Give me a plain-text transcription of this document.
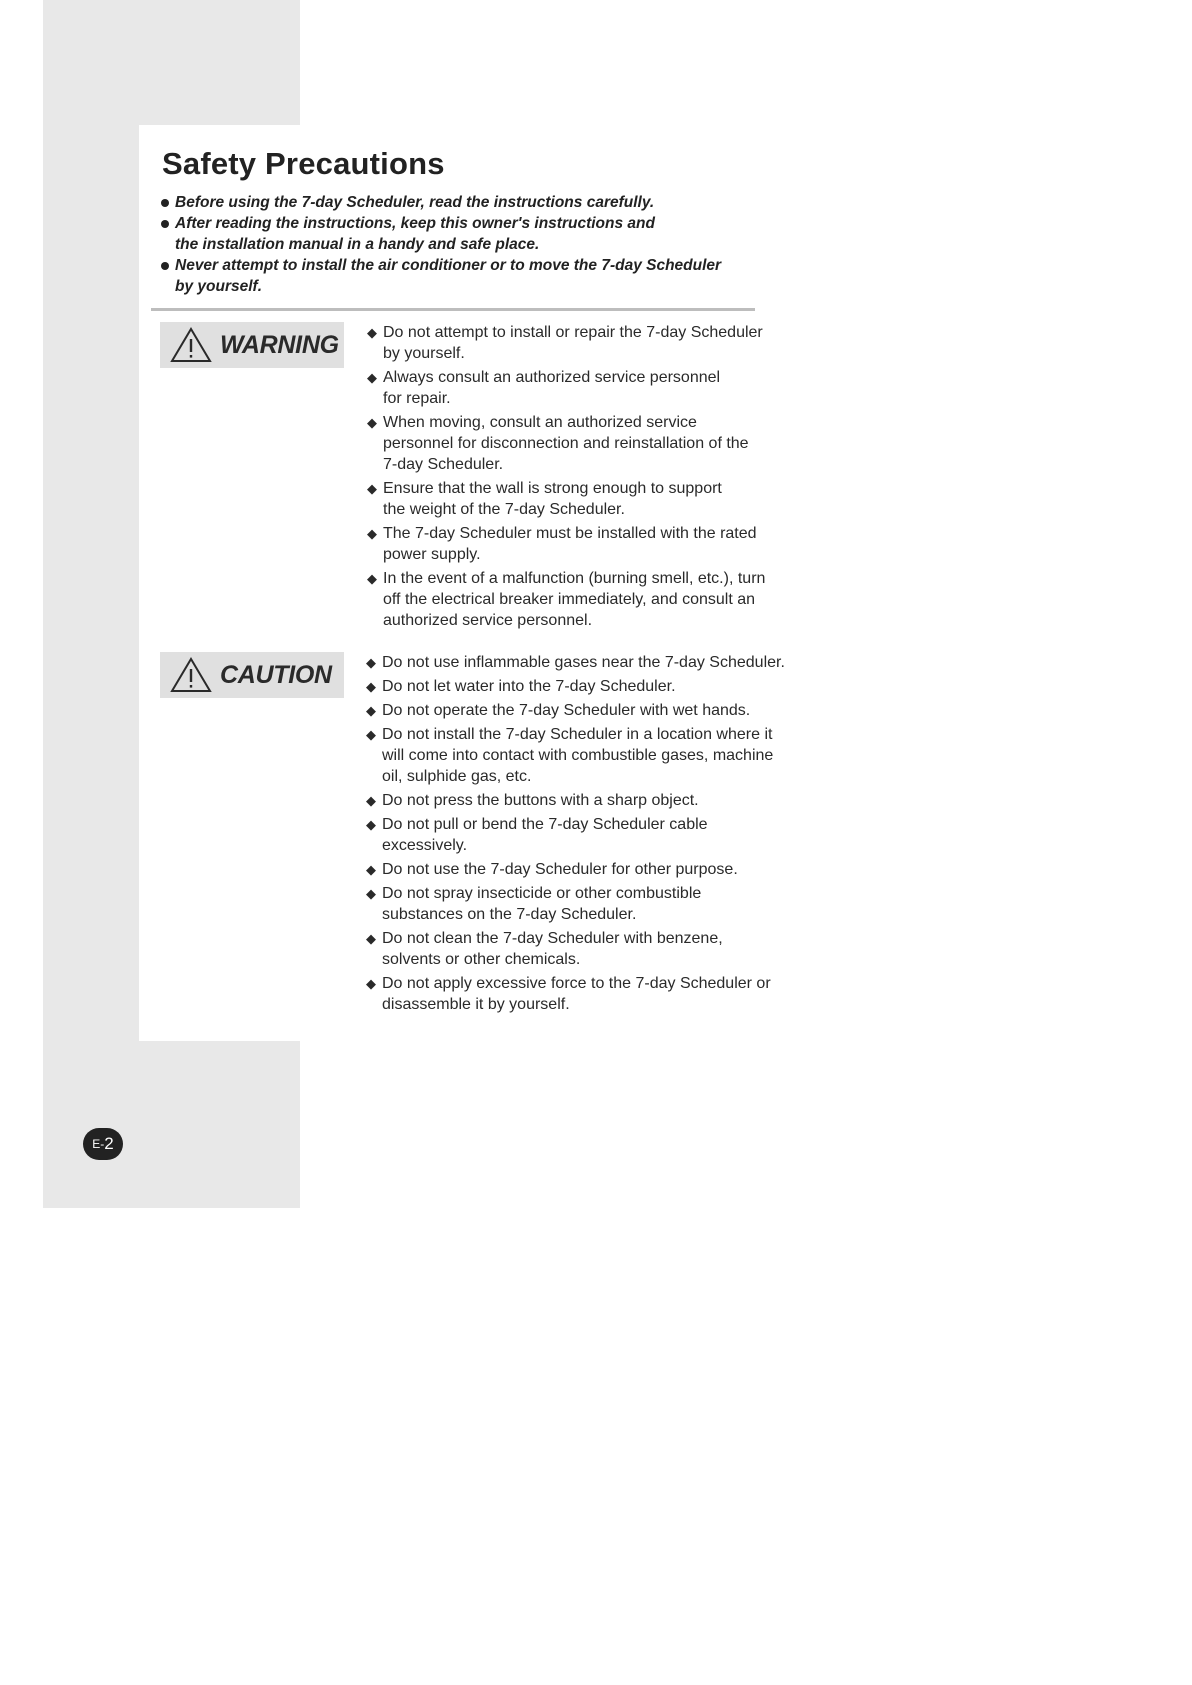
Safety Precautions
Before using the 7-day Scheduler, read the instructions carefully.
After reading the instructions, keep this owner's instructions and the installation manual in a handy and safe place.
Never attempt to install the air conditioner or to move the 7-day Scheduler by yourself.
WARNING ◆ Do not attempt to install or repair the 7-day Scheduler by yourself.
◆ Always consult an authorized service personnel for repair.
◆ When moving, consult an authorized service personnel for disconnection and reinstallation of the 7-day Scheduler.
◆ Ensure that the wall is strong enough to support the weight of the 7-day Scheduler.
◆ The 7-day Scheduler must be installed with the rated power supply.
◆ In the event of a malfunction (burning smell, etc.), turn off the electrical breaker immediately, and consult an authorized service personnel.
CAUTION	◆ Do not use inflammable gases near the 7-day Scheduler.
◆ Do not let water into the 7-day Scheduler.
◆ Do not operate the 7-day Scheduler with wet hands.
◆ Do not install the 7-day Scheduler in a location where it will come into contact with combustible gases, machine oil, sulphide gas, etc.
◆ Do not press the buttons with a sharp object.
◆ Do not pull or bend the 7-day Scheduler cable excessively.
◆ Do not use the 7-day Scheduler for other purpose.
◆ Do not spray insecticide or other combustible substances on the 7-day Scheduler.
◆ Do not clean the 7-day Scheduler with benzene, solvents or other chemicals.
◆ Do not apply excessive force to the 7-day Scheduler or disassemble it by yourself.
E- 2
